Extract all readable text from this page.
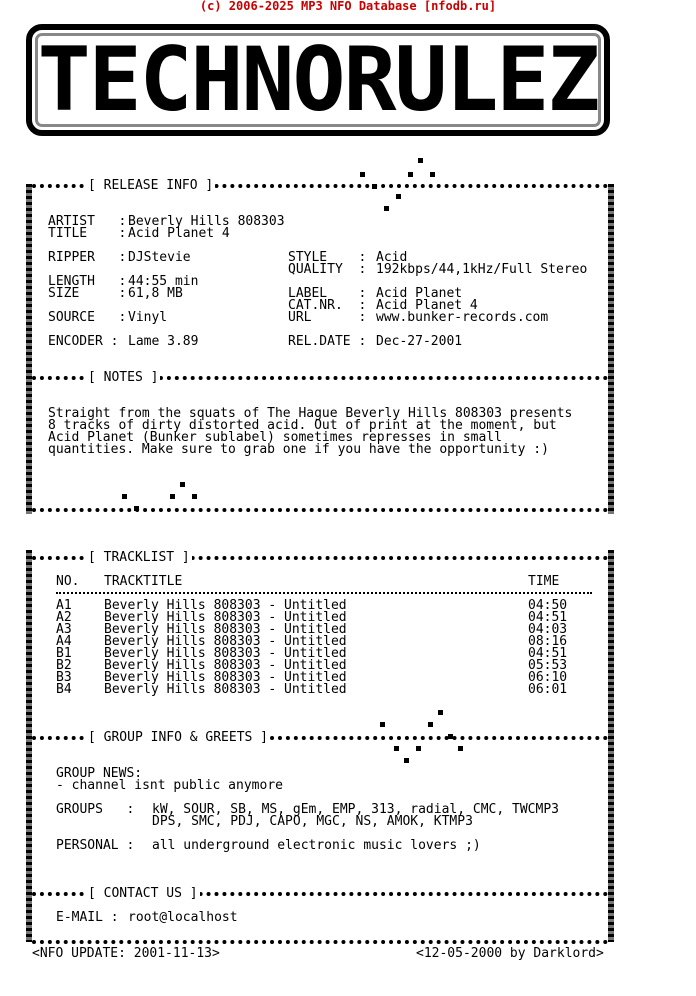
(c) 2006-2025 MP3 NFO Database [nfodb.ru]
TECHNORULEZ
[ RELEASE INFO ]
ARTIST   : Beverly Hills 808303
TITLE    : Acid Planet 4
RIPPER   : DJStevie	STYLE    : Acid
QUALITY  : 192kbps/44,1kHz/Full Stereo
LENGTH   : 44:55 min
SIZE     : 61,8 MB	LABEL    : Acid Planet
CAT.NR.  : Acid Planet 4
SOURCE   : Vinyl	URL      : www.bunker-records.com
ENCODER : Lame 3.89	REL.DATE : Dec-27-2001
[ NOTES ]
Straight from the squats of The Hague Beverly Hills 808303 presents
8 tracks of dirty distorted acid. Out of print at the moment, but
Acid Planet (Bunker sublabel) sometimes represses in small
quantities. Make sure to grab one if you have the opportunity :)
[ TRACKLIST ]
NO. TRACKTITLE	TIME
A1 Beverly Hills 808303 - Untitled	04:50
A2 Beverly Hills 808303 - Untitled	04:51
A3 Beverly Hills 808303 - Untitled	04:03
A4 Beverly Hills 808303 - Untitled	08:16
B1 Beverly Hills 808303 - Untitled	04:51
B2 Beverly Hills 808303 - Untitled	05:53
B3 Beverly Hills 808303 - Untitled	06:10
B4 Beverly Hills 808303 - Untitled	06:01
[ GROUP INFO & GREETS ]
GROUP NEWS:
- channel isnt public anymore
GROUPS   : kW, SOUR, SB, MS, gEm, EMP, 313, radial, CMC, TWCMP3
DPS, SMC, PDJ, CAPO, MGC, NS, AMOK, KTMP3
PERSONAL : all underground electronic music lovers ;)
[ CONTACT US ]
E-MAIL : root@localhost
<NFO UPDATE: 2001-11-13>	<12-05-2000 by Darklord>
